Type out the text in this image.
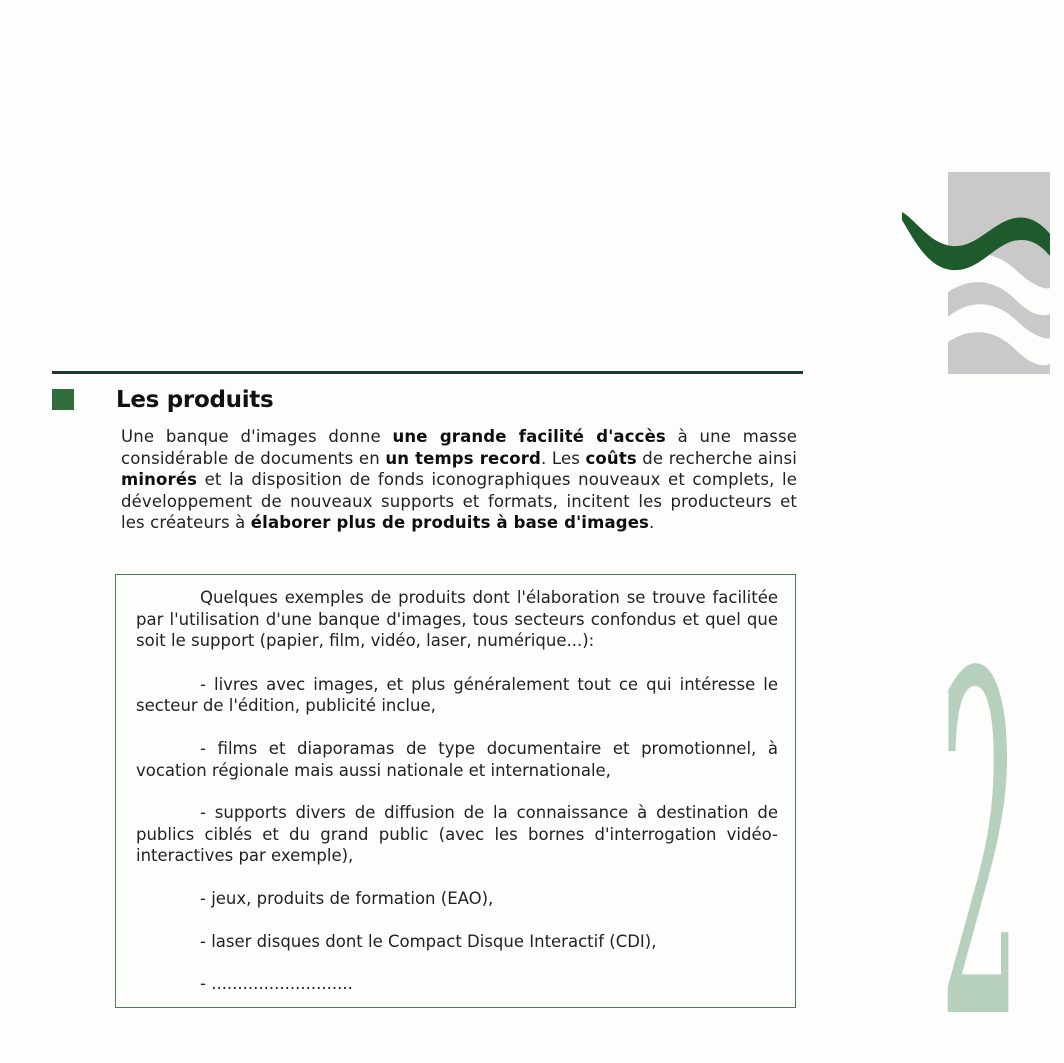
Les produits
Une banque d'images donne une grande facilité d'accès à une masse considérable de documents en un temps record. Les coûts de recherche ainsi minorés et la disposition de fonds iconographiques nouveaux et complets, le développement de nouveaux supports et formats, incitent les producteurs et les créateurs à élaborer plus de produits à base d'images.

Quelques exemples de produits dont l'élaboration se trouve facilitée par l'utilisation d'une banque d'images, tous secteurs confondus et quel que soit le support (papier, film, vidéo, laser, numérique...):

- livres avec images, et plus généralement tout ce qui intéresse le secteur de l'édition, publicité inclue,

- films et diaporamas de type documentaire et promotionnel, à vocation régionale mais aussi nationale et internationale,

- supports divers de diffusion de la connaissance à destination de publics ciblés et du grand public (avec les bornes d'interrogation vidéo-interactives par exemple),

- jeux, produits de formation (EAO),

- laser disques dont le Compact Disque Interactif (CDI),

- ...........................	2
